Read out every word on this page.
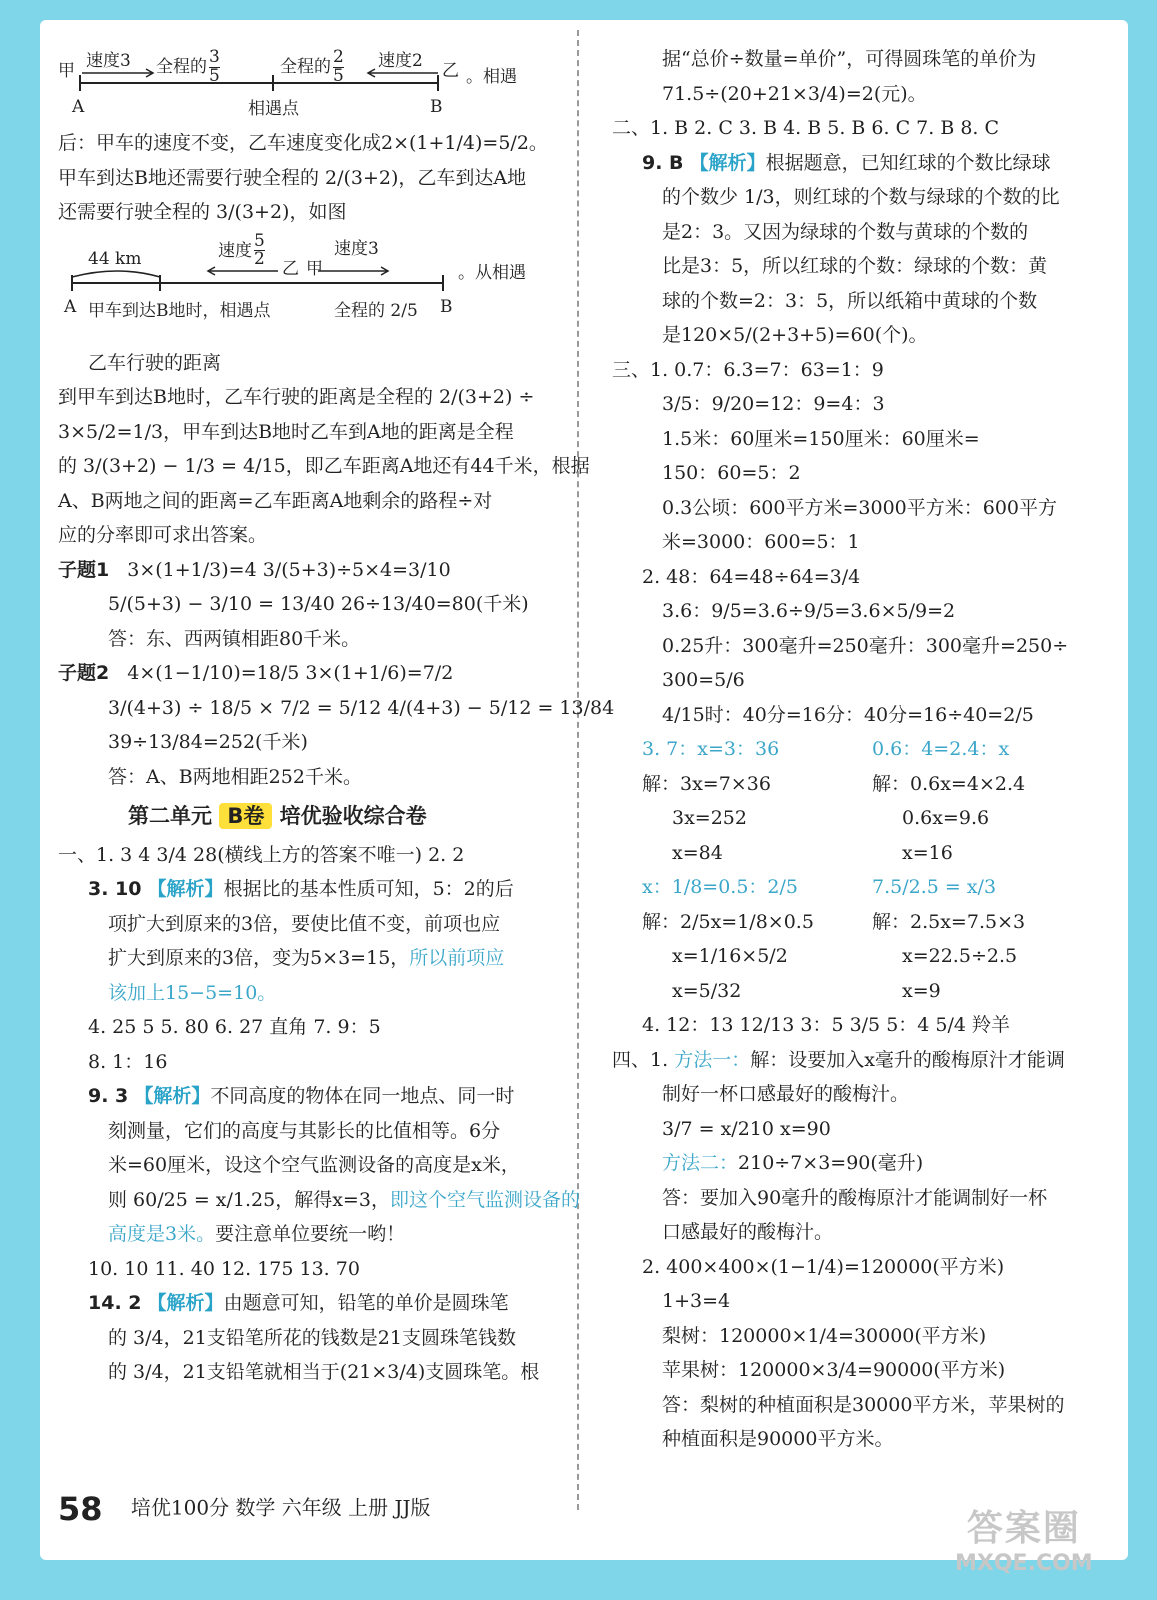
甲 速度3 全程的 $\frac{3}{5}$	全程的 $\frac{2}{5}$ 速度2 乙
A	相遇点	B
。相遇

后：甲车的速度不变，乙车速度变化成2×(1+1/4)=5/2。

甲车到达B地还需要行驶全程的 2/(3+2)，乙车到达A地

还需要行驶全程的 3/(3+2)，如图

44 km	速度 $\frac{5}{2}$ 乙 甲
速度3
A	B
。从相遇
甲车到达B地时，相遇点	全程的 2/5

乙车行驶的距离

到甲车到达B地时，乙车行驶的距离是全程的 2/(3+2) ÷

3×5/2=1/3，甲车到达B地时乙车到A地的距离是全程

的 3/(3+2) − 1/3 = 4/15，即乙车距离A地还有44千米，根据

A、B两地之间的距离=乙车距离A地剩余的路程÷对

应的分率即可求出答案。

子题1 3×(1+1/3)=4 3/(5+3)÷5×4=3/10

5/(5+3) − 3/10 = 13/40 26÷13/40=80(千米)

答：东、西两镇相距80千米。

子题2 4×(1−1/10)=18/5 3×(1+1/6)=7/2

3/(4+3) ÷ 18/5 × 7/2 = 5/12 4/(4+3) − 5/12 = 13/84

39÷13/84=252(千米)

答：A、B两地相距252千米。

第二单元 B卷 培优验收综合卷

一、1. 3 4 3/4 28(横线上方的答案不唯一) 2. 2

3. 10 【解析】根据比的基本性质可知，5：2的后

项扩大到原来的3倍，要使比值不变，前项也应

扩大到原来的3倍，变为5×3=15，所以前项应

该加上15−5=10。

4. 25 5 5. 80 6. 27 直角 7. 9：5

8. 1：16

9. 3 【解析】不同高度的物体在同一地点、同一时

刻测量，它们的高度与其影长的比值相等。6分

米=60厘米，设这个空气监测设备的高度是x米，

则 60/25 = x/1.25，解得x=3，即这个空气监测设备的

高度是3米。要注意单位要统一哟！

10. 10 11. 40 12. 175 13. 70

14. 2 【解析】由题意可知，铅笔的单价是圆珠笔

的 3/4，21支铅笔所花的钱数是21支圆珠笔钱数

的 3/4，21支铅笔就相当于(21×3/4)支圆珠笔。根

据“总价÷数量=单价”，可得圆珠笔的单价为

71.5÷(20+21×3/4)=2(元)。

二、1. B 2. C 3. B 4. B 5. B 6. C 7. B 8. C

9. B 【解析】根据题意，已知红球的个数比绿球

的个数少 1/3，则红球的个数与绿球的个数的比

是2：3。又因为绿球的个数与黄球的个数的

比是3：5，所以红球的个数：绿球的个数：黄

球的个数=2：3：5，所以纸箱中黄球的个数

是120×5/(2+3+5)=60(个)。

三、1. 0.7：6.3=7：63=1：9

3/5：9/20=12：9=4：3

1.5米：60厘米=150厘米：60厘米=

150：60=5：2

0.3公顷：600平方米=3000平方米：600平方

米=3000：600=5：1

2. 48：64=48÷64=3/4

3.6：9/5=3.6÷9/5=3.6×5/9=2

0.25升：300毫升=250毫升：300毫升=250÷

300=5/6

4/15时：40分=16分：40分=16÷40=2/5

3. 7：x=3：36

解：3x=7×36

3x=252

x=84

x：1/8=0.5：2/5

解：2/5x=1/8×0.5

x=1/16×5/2

x=5/32

0.6：4=2.4：x

解：0.6x=4×2.4

0.6x=9.6

x=16

7.5/2.5 = x/3

解：2.5x=7.5×3

x=22.5÷2.5

x=9

4. 12：13 12/13 3：5 3/5 5：4 5/4 羚羊

四、1. 方法一：解：设要加入x毫升的酸梅原汁才能调

制好一杯口感最好的酸梅汁。

3/7 = x/210 x=90

方法二：210÷7×3=90(毫升)

答：要加入90毫升的酸梅原汁才能调制好一杯

口感最好的酸梅汁。

2. 400×400×(1−1/4)=120000(平方米)

1+3=4

梨树：120000×1/4=30000(平方米)

苹果树：120000×3/4=90000(平方米)

答：梨树的种植面积是30000平方米，苹果树的

种植面积是90000平方米。

58 培优100分 数学 六年级 上册 JJ版
答案圈
MXQE.COM
